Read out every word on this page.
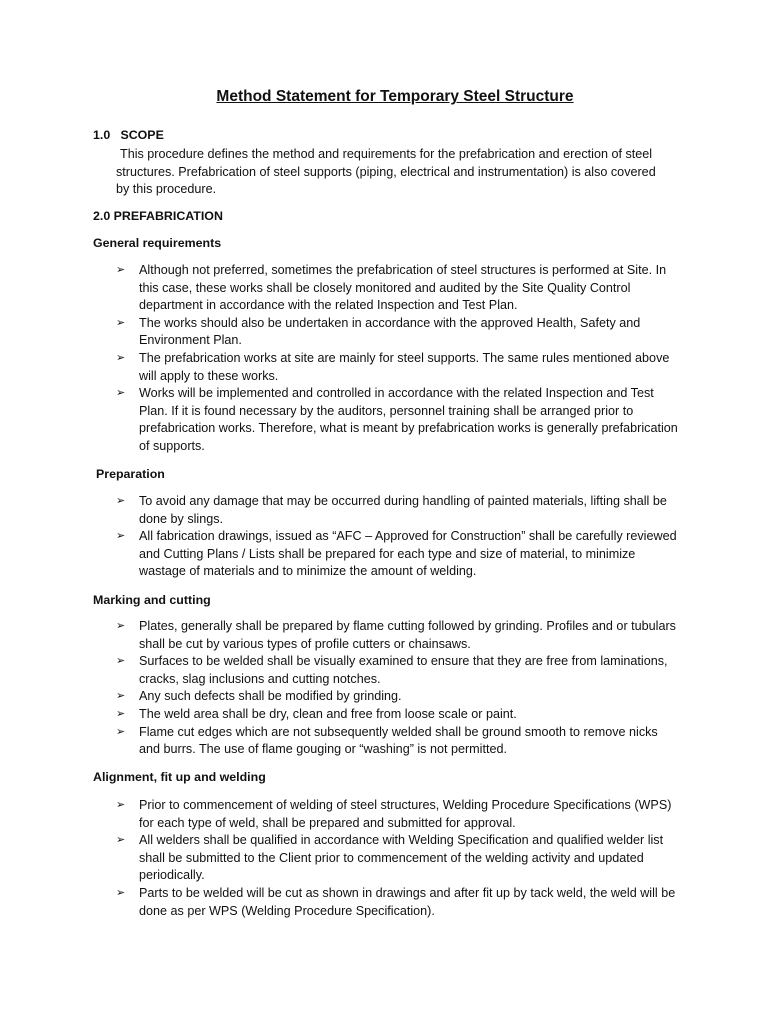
Method Statement for Temporary Steel Structure
1.0 SCOPE
This procedure defines the method and requirements for the prefabrication and erection of steel structures. Prefabrication of steel supports (piping, electrical and instrumentation) is also covered by this procedure.
2.0 PREFABRICATION
General requirements
➢ Although not preferred, sometimes the prefabrication of steel structures is performed at Site. In this case, these works shall be closely monitored and audited by the Site Quality Control department in accordance with the related Inspection and Test Plan.
➢ The works should also be undertaken in accordance with the approved Health, Safety and Environment Plan.
➢ The prefabrication works at site are mainly for steel supports. The same rules mentioned above will apply to these works.
➢ Works will be implemented and controlled in accordance with the related Inspection and Test Plan. If it is found necessary by the auditors, personnel training shall be arranged prior to prefabrication works. Therefore, what is meant by prefabrication works is generally prefabrication of supports.
Preparation
➢ To avoid any damage that may be occurred during handling of painted materials, lifting shall be done by slings.
➢ All fabrication drawings, issued as “AFC – Approved for Construction” shall be carefully reviewed and Cutting Plans / Lists shall be prepared for each type and size of material, to minimize wastage of materials and to minimize the amount of welding.
Marking and cutting
➢ Plates, generally shall be prepared by flame cutting followed by grinding. Profiles and or tubulars shall be cut by various types of profile cutters or chainsaws.
➢ Surfaces to be welded shall be visually examined to ensure that they are free from laminations, cracks, slag inclusions and cutting notches.
➢ Any such defects shall be modified by grinding.
➢ The weld area shall be dry, clean and free from loose scale or paint.
➢ Flame cut edges which are not subsequently welded shall be ground smooth to remove nicks and burrs. The use of flame gouging or “washing” is not permitted.
Alignment, fit up and welding
➢ Prior to commencement of welding of steel structures, Welding Procedure Specifications (WPS) for each type of weld, shall be prepared and submitted for approval.
➢ All welders shall be qualified in accordance with Welding Specification and qualified welder list shall be submitted to the Client prior to commencement of the welding activity and updated periodically.
➢ Parts to be welded will be cut as shown in drawings and after fit up by tack weld, the weld will be done as per WPS (Welding Procedure Specification).
